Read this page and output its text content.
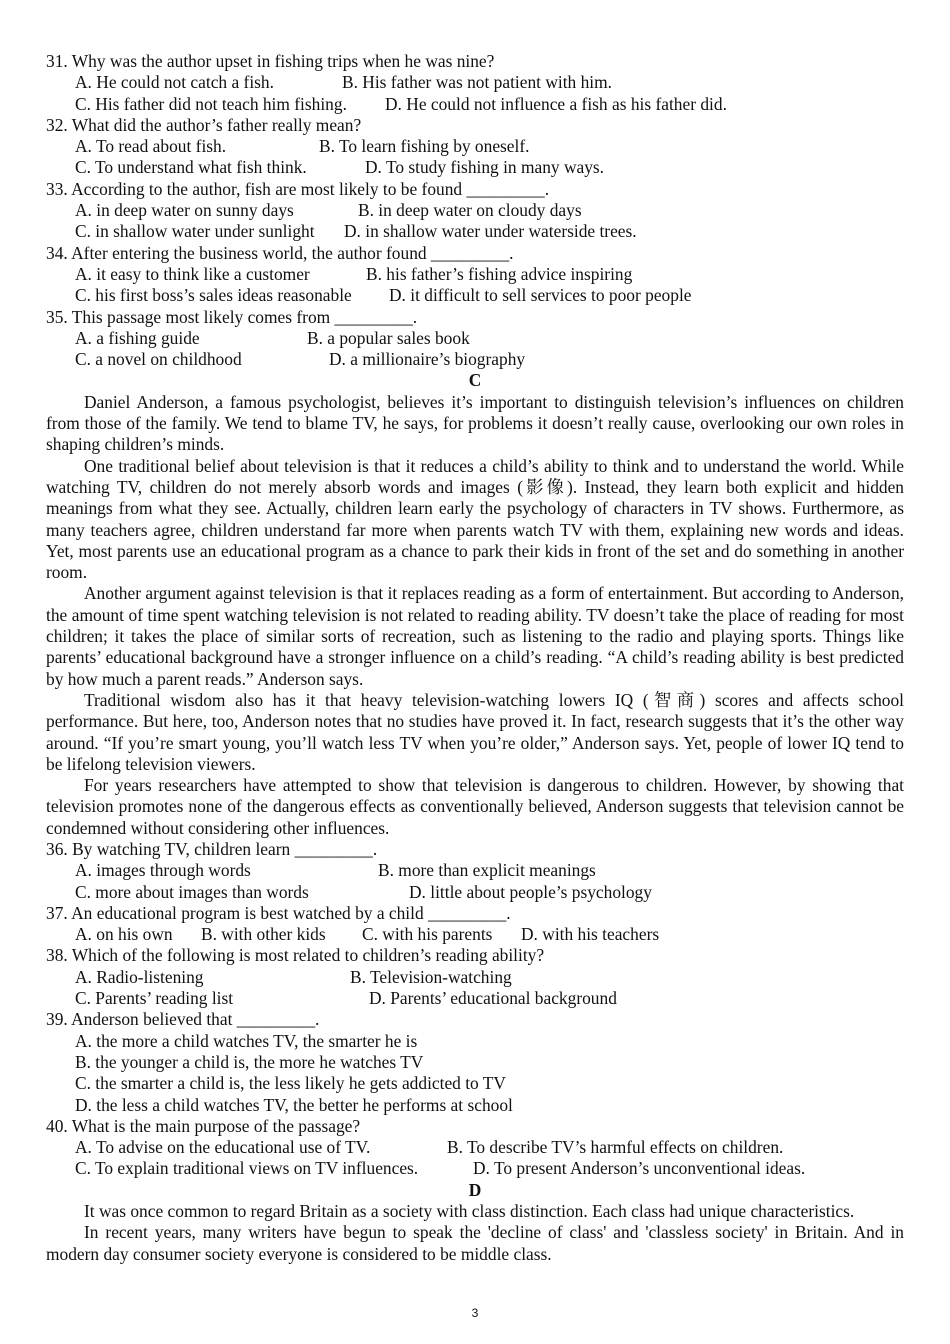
31. Why was the author upset in fishing trips when he was nine?
A. He could not catch a fish.	B. His father was not patient with him.
C. His father did not teach him fishing. D. He could not influence a fish as his father did.
32. What did the author’s father really mean?
A. To read about fish.	B. To learn fishing by oneself.
C. To understand what fish think.	D. To study fishing in many ways.
33. According to the author, fish are most likely to be found _________.
A. in deep water on sunny days	B. in deep water on cloudy days
C. in shallow water under sunlight D. in shallow water under waterside trees.
34. After entering the business world, the author found _________.
A. it easy to think like a customer	B. his father’s fishing advice inspiring
C. his first boss’s sales ideas reasonable D. it difficult to sell services to poor people
35. This passage most likely comes from _________.
A. a fishing guide	B. a popular sales book
C. a novel on childhood	D. a millionaire’s biography
C
Daniel Anderson, a famous psychologist, believes it’s important to distinguish television’s influences on children from those of the family. We tend to blame TV, he says, for problems it doesn’t really cause, overlooking our own roles in shaping children’s minds.
One traditional belief about television is that it reduces a child’s ability to think and to understand the world. While watching TV, children do not merely absorb words and images (影像). Instead, they learn both explicit and hidden meanings from what they see. Actually, children learn early the psychology of characters in TV shows. Furthermore, as many teachers agree, children understand far more when parents watch TV with them, explaining new words and ideas. Yet, most parents use an educational program as a chance to park their kids in front of the set and do something in another room.
Another argument against television is that it replaces reading as a form of entertainment. But according to Anderson, the amount of time spent watching television is not related to reading ability. TV doesn’t take the place of reading for most children; it takes the place of similar sorts of recreation, such as listening to the radio and playing sports. Things like parents’ educational background have a stronger influence on a child’s reading. “A child’s reading ability is best predicted by how much a parent reads.” Anderson says.
Traditional wisdom also has it that heavy television-watching lowers IQ (智商) scores and affects school performance. But here, too, Anderson notes that no studies have proved it. In fact, research suggests that it’s the other way around. “If you’re smart young, you’ll watch less TV when you’re older,” Anderson says. Yet, people of lower IQ tend to be lifelong television viewers.
For years researchers have attempted to show that television is dangerous to children. However, by showing that television promotes none of the dangerous effects as conventionally believed, Anderson suggests that television cannot be condemned without considering other influences.
36. By watching TV, children learn _________.
A. images through words	B. more than explicit meanings
C. more about images than words	D. little about people’s psychology
37. An educational program is best watched by a child _________.
A. on his own B. with other kids C. with his parents D. with his teachers
38. Which of the following is most related to children’s reading ability?
A. Radio-listening	B. Television-watching
C. Parents’ reading list	D. Parents’ educational background
39. Anderson believed that _________.
A. the more a child watches TV, the smarter he is
B. the younger a child is, the more he watches TV
C. the smarter a child is, the less likely he gets addicted to TV
D. the less a child watches TV, the better he performs at school
40. What is the main purpose of the passage?
A. To advise on the educational use of TV.	B. To describe TV’s harmful effects on children.
C. To explain traditional views on TV influences.	D. To present Anderson’s unconventional ideas.
D
It was once common to regard Britain as a society with class distinction. Each class had unique characteristics.
In recent years, many writers have begun to speak the 'decline of class' and 'classless society' in Britain. And in modern day consumer society everyone is considered to be middle class.
3
